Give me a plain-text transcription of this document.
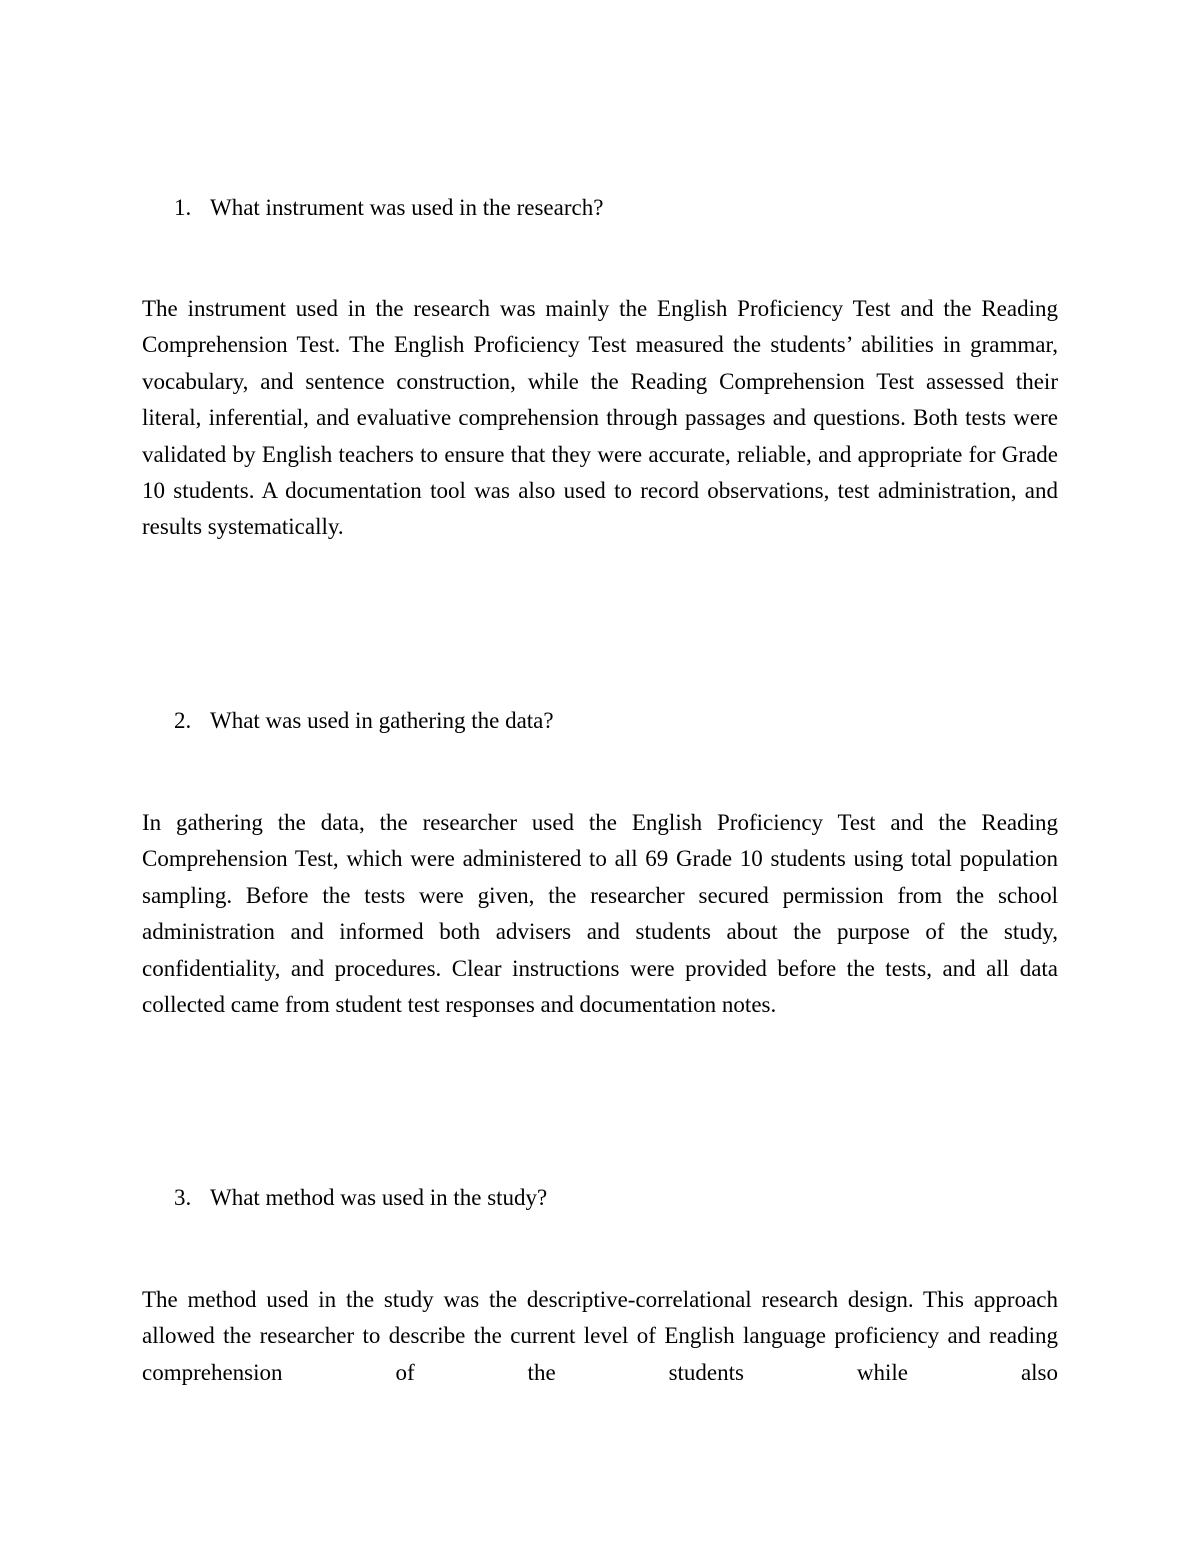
1. What instrument was used in the research?

The instrument used in the research was mainly the English Proficiency Test and the Reading Comprehension Test. The English Proficiency Test measured the students’ abilities in grammar, vocabulary, and sentence construction, while the Reading Comprehension Test assessed their literal, inferential, and evaluative comprehension through passages and questions. Both tests were validated by English teachers to ensure that they were accurate, reliable, and appropriate for Grade 10 students. A documentation tool was also used to record observations, test administration, and results systematically.

2. What was used in gathering the data?

In gathering the data, the researcher used the English Proficiency Test and the Reading Comprehension Test, which were administered to all 69 Grade 10 students using total population sampling. Before the tests were given, the researcher secured permission from the school administration and informed both advisers and students about the purpose of the study, confidentiality, and procedures. Clear instructions were provided before the tests, and all data collected came from student test responses and documentation notes.

3. What method was used in the study?

The method used in the study was the descriptive-correlational research design. This approach allowed the researcher to describe the current level of English language proficiency and reading comprehension of the students while also
